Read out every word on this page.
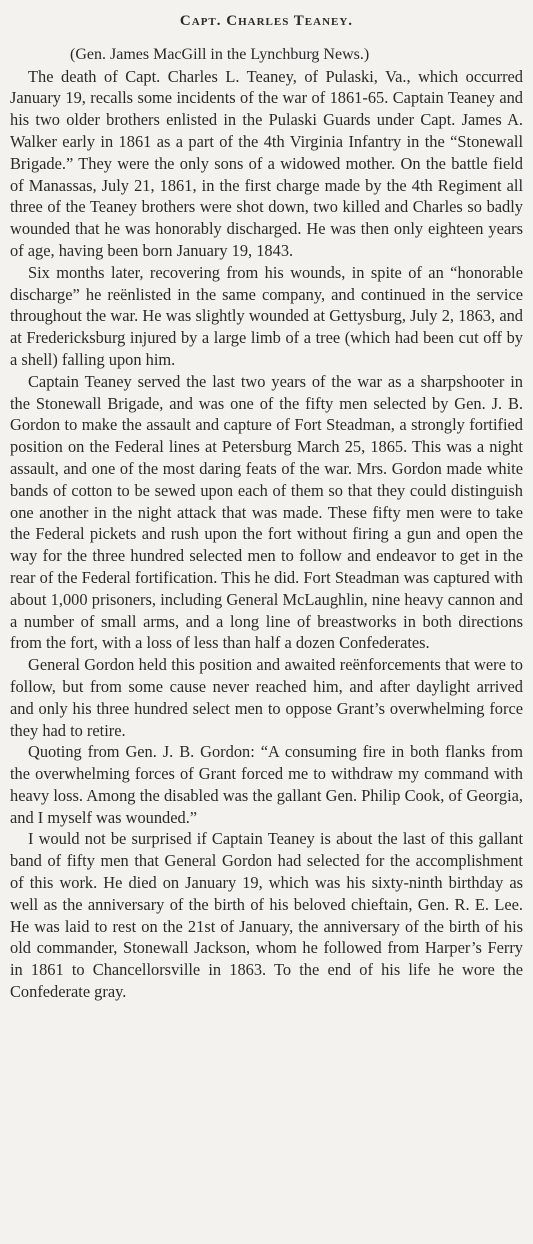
Capt. Charles Teaney.

(Gen. James MacGill in the Lynchburg News.)

The death of Capt. Charles L. Teaney, of Pulaski, Va., which occurred January 19, recalls some incidents of the war of 1861-65. Captain Teaney and his two older brothers enlisted in the Pulaski Guards under Capt. James A. Walker early in 1861 as a part of the 4th Virginia Infantry in the “Stonewall Brigade.” They were the only sons of a widowed mother. On the battle field of Manassas, July 21, 1861, in the first charge made by the 4th Regiment all three of the Teaney brothers were shot down, two killed and Charles so badly wounded that he was honorably discharged. He was then only eighteen years of age, having been born January 19, 1843.

Six months later, recovering from his wounds, in spite of an “honorable discharge” he reënlisted in the same company, and continued in the service throughout the war. He was slightly wounded at Gettysburg, July 2, 1863, and at Fredericksburg injured by a large limb of a tree (which had been cut off by a shell) falling upon him.

Captain Teaney served the last two years of the war as a sharpshooter in the Stonewall Brigade, and was one of the fifty men selected by Gen. J. B. Gordon to make the assault and capture of Fort Steadman, a strongly fortified position on the Federal lines at Petersburg March 25, 1865. This was a night assault, and one of the most daring feats of the war. Mrs. Gordon made white bands of cotton to be sewed upon each of them so that they could distinguish one another in the night attack that was made. These fifty men were to take the Federal pickets and rush upon the fort without firing a gun and open the way for the three hundred selected men to follow and endeavor to get in the rear of the Federal fortification. This he did. Fort Steadman was captured with about 1,000 prisoners, including General McLaughlin, nine heavy cannon and a number of small arms, and a long line of breastworks in both directions from the fort, with a loss of less than half a dozen Confederates.

General Gordon held this position and awaited reënforcements that were to follow, but from some cause never reached him, and after daylight arrived and only his three hundred select men to oppose Grant’s overwhelming force they had to retire.

Quoting from Gen. J. B. Gordon: “A consuming fire in both flanks from the overwhelming forces of Grant forced me to withdraw my command with heavy loss. Among the disabled was the gallant Gen. Philip Cook, of Georgia, and I myself was wounded.”

I would not be surprised if Captain Teaney is about the last of this gallant band of fifty men that General Gordon had selected for the accomplishment of this work. He died on January 19, which was his sixty-ninth birthday as well as the anniversary of the birth of his beloved chieftain, Gen. R. E. Lee. He was laid to rest on the 21st of January, the anniversary of the birth of his old commander, Stonewall Jackson, whom he followed from Harper’s Ferry in 1861 to Chancellorsville in 1863. To the end of his life he wore the Confederate gray.
